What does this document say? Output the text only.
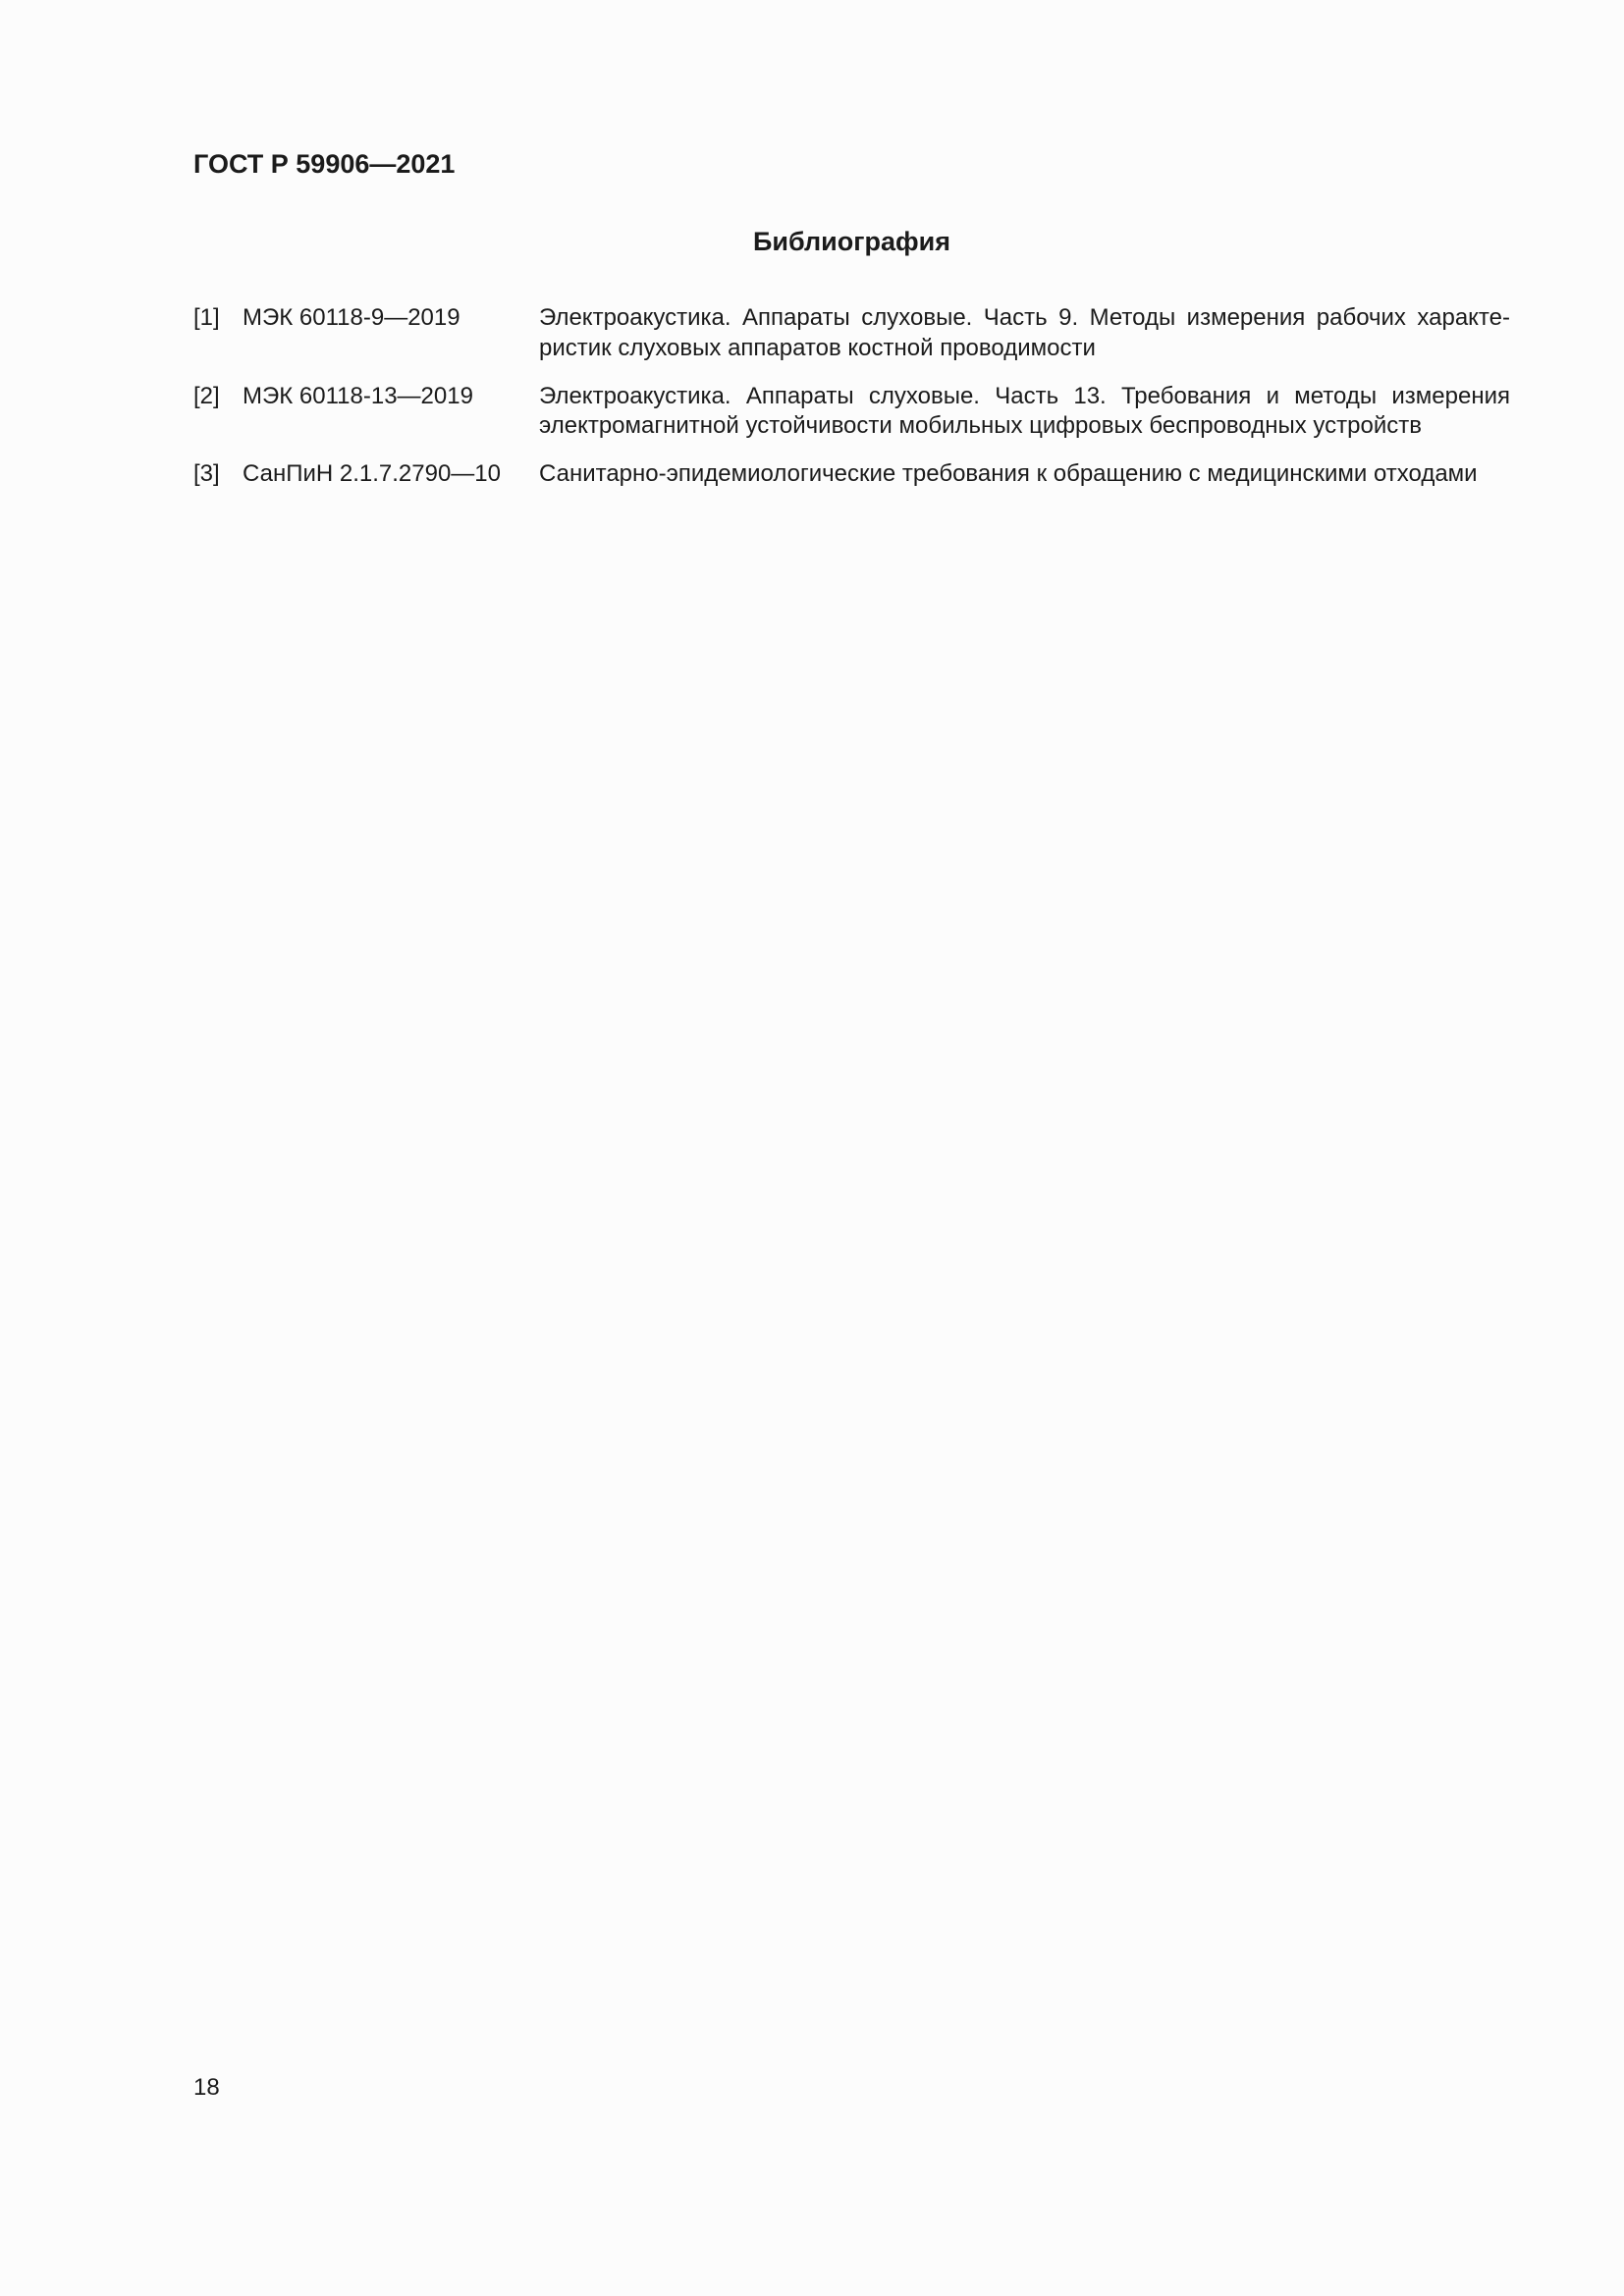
ГОСТ Р 59906—2021
Библиография
[1] МЭК 60118-9—2019	Электроакустика. Аппараты слуховые. Часть 9. Методы измерения рабочих характе-
ристик слуховых аппаратов костной проводимости
[2] МЭК 60118-13—2019	Электроакустика. Аппараты слуховые. Часть 13. Требования и методы измерения
электромагнитной устойчивости мобильных цифровых беспроводных устройств
[3] СанПиН 2.1.7.2790—10	Санитарно-эпидемиологические требования к обращению с медицинскими отходами
18
